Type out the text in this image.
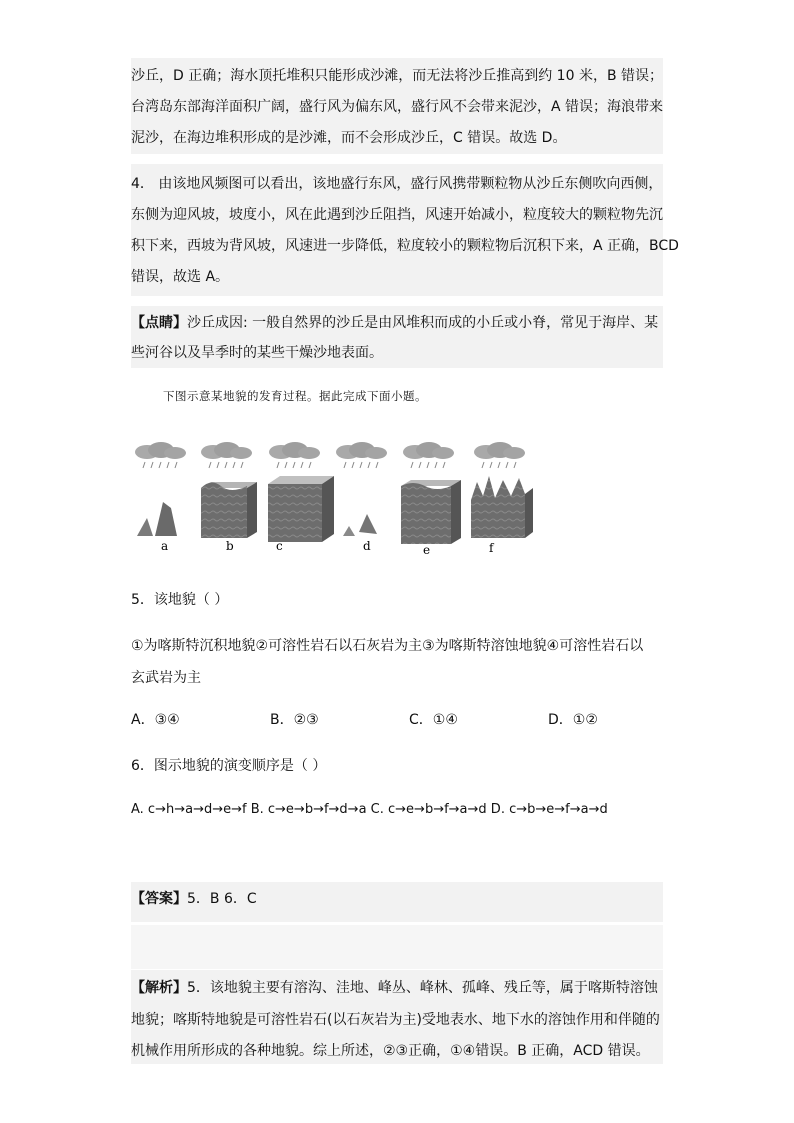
沙丘，D 正确；海水顶托堆积只能形成沙滩，而无法将沙丘推高到约 10 米，B 错误；
台湾岛东部海洋面积广阔，盛行风为偏东风，盛行风不会带来泥沙，A 错误；海浪带来
泥沙，在海边堆积形成的是沙滩，而不会形成沙丘，C 错误。故选 D。
4． 由该地风频图可以看出，该地盛行东风，盛行风携带颗粒物从沙丘东侧吹向西侧，
东侧为迎风坡，坡度小，风在此遇到沙丘阻挡，风速开始减小，粒度较大的颗粒物先沉
积下来，西坡为背风坡，风速进一步降低，粒度较小的颗粒物后沉积下来，A 正确，BCD
错误，故选 A。
【点睛】沙丘成因: 一般自然界的沙丘是由风堆积而成的小丘或小脊，常见于海岸、某
些河谷以及旱季时的某些干燥沙地表面。
下图示意某地貌的发育过程。据此完成下面小题。
a	b	c	d	e	f
5．该地貌（ ）
①为喀斯特沉积地貌②可溶性岩石以石灰岩为主③为喀斯特溶蚀地貌④可溶性岩石以
玄武岩为主
A．③④	B．②③	C．①④	D．①②
6．图示地貌的演变顺序是（ ）
A. c→h→a→d→e→f B. c→e→b→f→d→a C. c→e→b→f→a→d D. c→b→e→f→a→d
【答案】5．B 6．C
【解析】5．该地貌主要有溶沟、洼地、峰丛、峰林、孤峰、残丘等，属于喀斯特溶蚀
地貌；喀斯特地貌是可溶性岩石(以石灰岩为主)受地表水、地下水的溶蚀作用和伴随的
机械作用所形成的各种地貌。综上所述，②③正确，①④错误。B 正确，ACD 错误。
